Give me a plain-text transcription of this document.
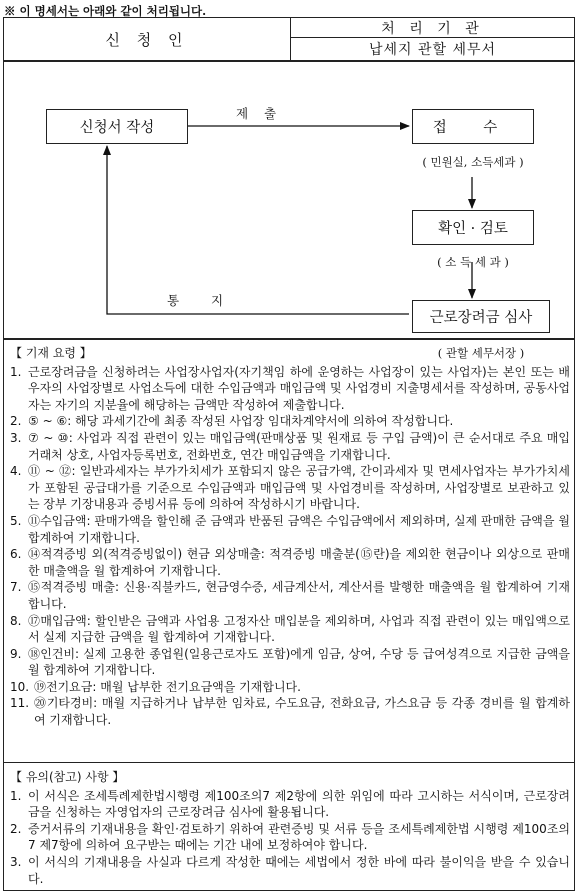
※ 이 명세서는 아래와 같이 처리됩니다.
신 청 인
처 리 기 관
납세지 관할 세무서
신청서 작성
제 출
접 수
( 민원실, 소득세과 )
확인 · 검토
( 소 득 세 과 )
통 지
근로장려금 심사
( 관할 세무서장 )
【 기재 요령 】
1. 근로장려금을 신청하려는 사업장사업자(자기책임 하에 운영하는 사업장이 있는 사업자)는 본인 또는 배우자의 사업장별로 사업소득에 대한 수입금액과 매입금액 및 사업경비 지출명세서를 작성하며, 공동사업자는 자기의 지분율에 해당하는 금액만 작성하여 제출합니다.
2. ⑤ ~ ⑥: 해당 과세기간에 최종 작성된 사업장 임대차계약서에 의하여 작성합니다.
3. ⑦ ~ ⑩: 사업과 직접 관련이 있는 매입금액(판매상품 및 원재료 등 구입 금액)이 큰 순서대로 주요 매입거래처 상호, 사업자등록번호, 전화번호, 연간 매입금액을 기재합니다.
4. ⑪ ~ ⑫: 일반과세자는 부가가치세가 포함되지 않은 공급가액, 간이과세자 및 면세사업자는 부가가치세가 포함된 공급대가를 기준으로 수입금액과 매입금액 및 사업경비를 작성하며, 사업장별로 보관하고 있는 장부 기장내용과 증빙서류 등에 의하여 작성하시기 바랍니다.
5. ⑪수입금액: 판매가액을 할인해 준 금액과 반품된 금액은 수입금액에서 제외하며, 실제 판매한 금액을 월 합계하여 기재합니다.
6. ⑭적격증빙 외(적격증빙없이) 현금 외상매출: 적격증빙 매출분(⑮란)을 제외한 현금이나 외상으로 판매한 매출액을 월 합계하여 기재합니다.
7. ⑮적격증빙 매출: 신용·직불카드, 현금영수증, 세금계산서, 계산서를 발행한 매출액을 월 합계하여 기재합니다.
8. ⑰매입금액: 할인받은 금액과 사업용 고정자산 매입분을 제외하며, 사업과 직접 관련이 있는 매입액으로서 실제 지급한 금액을 월 합계하여 기재합니다.
9. ⑱인건비: 실제 고용한 종업원(일용근로자도 포함)에게 임금, 상여, 수당 등 급여성격으로 지급한 금액을 월 합계하여 기재합니다.
10. ⑲전기요금: 매월 납부한 전기요금액을 기재합니다.
11. ⑳기타경비: 매월 지급하거나 납부한 임차료, 수도요금, 전화요금, 가스요금 등 각종 경비를 월 합계하여 기재합니다.
【 유의(참고) 사항 】
1. 이 서식은 조세특례제한법시행령 제100조의7 제2항에 의한 위임에 따라 고시하는 서식이며, 근로장려금을 신청하는 자영업자의 근로장려금 심사에 활용됩니다.
2. 증거서류의 기재내용을 확인·검토하기 위하여 관련증빙 및 서류 등을 조세특례제한법 시행령 제100조의7 제7항에 의하여 요구받는 때에는 기간 내에 보정하여야 합니다.
3. 이 서식의 기재내용을 사실과 다르게 작성한 때에는 세법에서 정한 바에 따라 불이익을 받을 수 있습니다.
